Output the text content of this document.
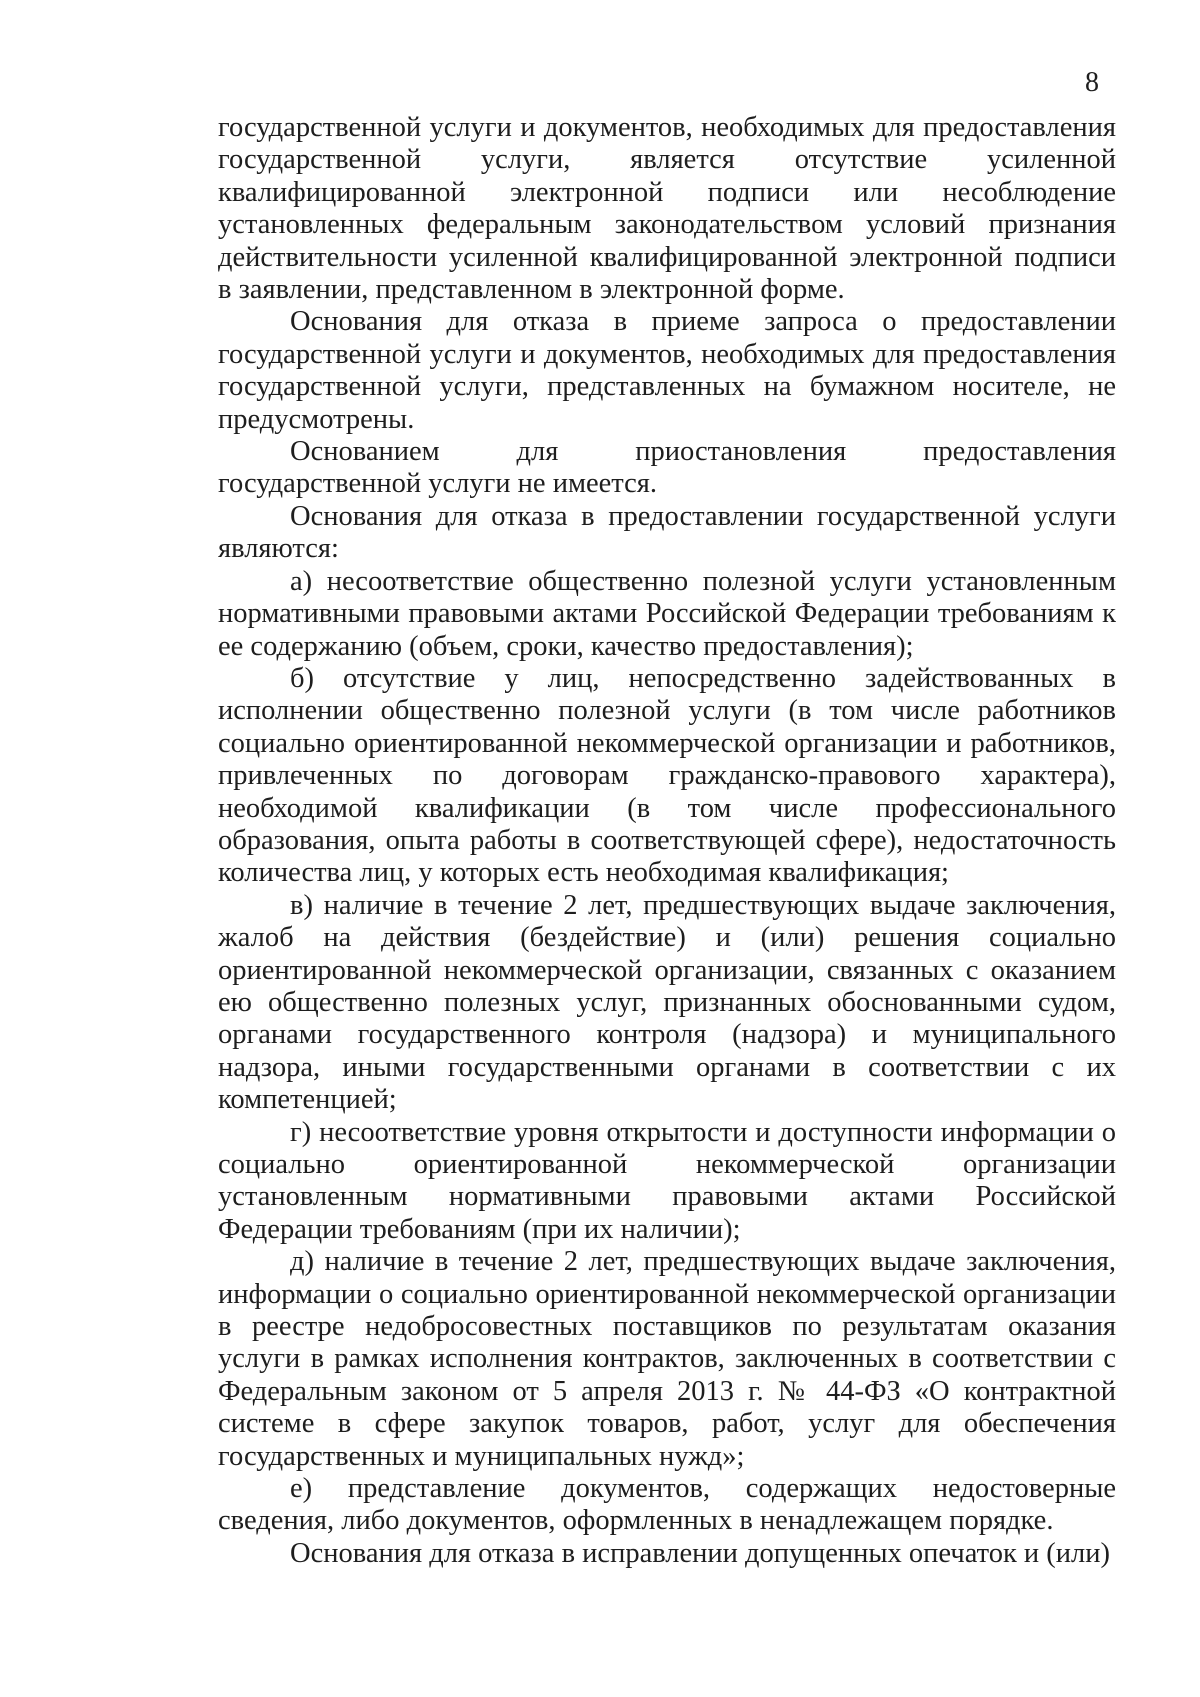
8

государственной услуги и документов, необходимых для предоставления государственной услуги, является отсутствие усиленной квалифицированной электронной подписи или несоблюдение установленных федеральным законодательством условий признания действительности усиленной квалифицированной электронной подписи в заявлении, представленном в электронной форме.

Основания для отказа в приеме запроса о предоставлении государственной услуги и документов, необходимых для предоставления государственной услуги, представленных на бумажном носителе, не предусмотрены.

Основанием для приостановления предоставления государственной услуги не имеется.

Основания для отказа в предоставлении государственной услуги являются:

а) несоответствие общественно полезной услуги установленным нормативными правовыми актами Российской Федерации требованиям к ее содержанию (объем, сроки, качество предоставления);

б) отсутствие у лиц, непосредственно задействованных в исполнении общественно полезной услуги (в том числе работников социально ориентированной некоммерческой организации и работников, привлеченных по договорам гражданско-правового характера), необходимой квалификации (в том числе профессионального образования, опыта работы в соответствующей сфере), недостаточность количества лиц, у которых есть необходимая квалификация;

в) наличие в течение 2 лет, предшествующих выдаче заключения, жалоб на действия (бездействие) и (или) решения социально ориентированной некоммерческой организации, связанных с оказанием ею общественно полезных услуг, признанных обоснованными судом, органами государственного контроля (надзора) и муниципального надзора, иными государственными органами в соответствии с их компетенцией;

г) несоответствие уровня открытости и доступности информации о социально ориентированной некоммерческой организации установленным нормативными правовыми актами Российской Федерации требованиям (при их наличии);

д) наличие в течение 2 лет, предшествующих выдаче заключения, информации о социально ориентированной некоммерческой организации в реестре недобросовестных поставщиков по результатам оказания услуги в рамках исполнения контрактов, заключенных в соответствии с Федеральным законом от 5 апреля 2013 г. № 44-ФЗ «О контрактной системе в сфере закупок товаров, работ, услуг для обеспечения государственных и муниципальных нужд»;

е) представление документов, содержащих недостоверные сведения, либо документов, оформленных в ненадлежащем порядке.

Основания для отказа в исправлении допущенных опечаток и (или)
